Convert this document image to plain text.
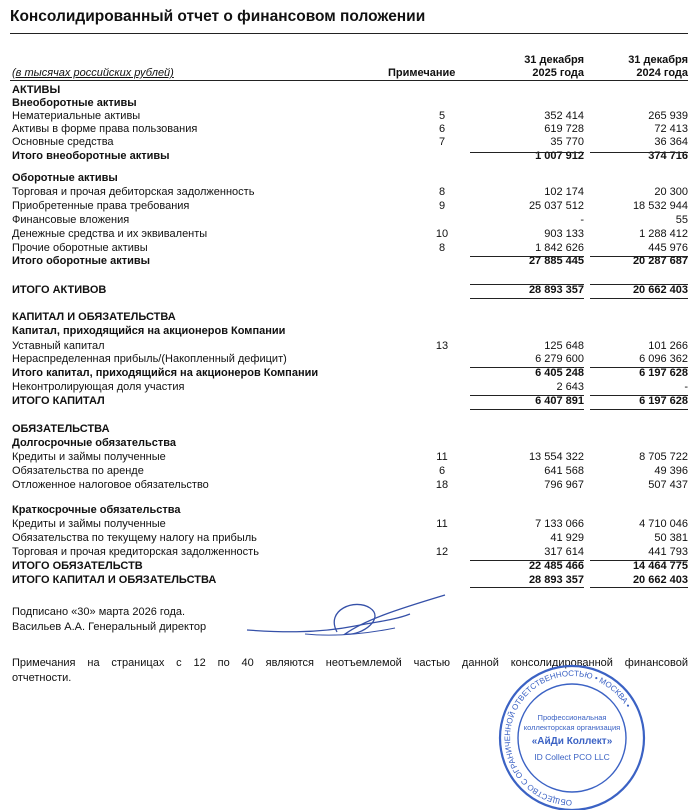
Консолидированный отчет о финансовом положении
(в тысячах российских рублей)	Примечание
31 декабря
2025 года
31 декабря
2024 года
АКТИВЫ
Внеоборотные активы
Нематериальные активы	5	352 414	265 939
Активы в форме права пользования	6	619 728	72 413
Основные средства	7	35 770	36 364
Итого внеоборотные активы	1 007 912	374 716
Оборотные активы
Торговая и прочая дебиторская задолженность	8	102 174	20 300
Приобретенные права требования	9	25 037 512	18 532 944
Финансовые вложения	-	55
Денежные средства и их эквиваленты	10	903 133	1 288 412
Прочие оборотные активы	8	1 842 626	445 976
Итого оборотные активы	27 885 445	20 287 687
ИТОГО АКТИВОВ	28 893 357	20 662 403
КАПИТАЛ И ОБЯЗАТЕЛЬСТВА
Капитал, приходящийся на акционеров Компании
Уставный капитал	13	125 648	101 266
Нераспределенная прибыль/(Накопленный дефицит)	6 279 600	6 096 362
Итого капитал, приходящийся на акционеров Компании	6 405 248	6 197 628
Неконтролирующая доля участия	2 643	-
ИТОГО КАПИТАЛ	6 407 891	6 197 628
ОБЯЗАТЕЛЬСТВА
Долгосрочные обязательства
Кредиты и займы полученные	11	13 554 322	8 705 722
Обязательства по аренде	6	641 568	49 396
Отложенное налоговое обязательство	18	796 967	507 437
Краткосрочные обязательства
Кредиты и займы полученные	11	7 133 066	4 710 046
Обязательства по текущему налогу на прибыль	41 929	50 381
Торговая и прочая кредиторская задолженность	12	317 614	441 793
ИТОГО ОБЯЗАТЕЛЬСТВ	22 485 466	14 464 775
ИТОГО КАПИТАЛ И ОБЯЗАТЕЛЬСТВА	28 893 357	20 662 403
Подписано «30» марта 2026 года.
Васильев А.А. Генеральный директор
Примечания на страницах с 12 по 40 являются неотъемлемой частью данной консолидированной финансовой
отчетности.
ОБЩЕСТВО С ОГРАНИЧЕННОЙ ОТВЕТСТВЕННОСТЬЮ • МОСКВА •
Профессиональная
коллекторская организация
«АйДи Коллект»
ID Collect PCO LLC
